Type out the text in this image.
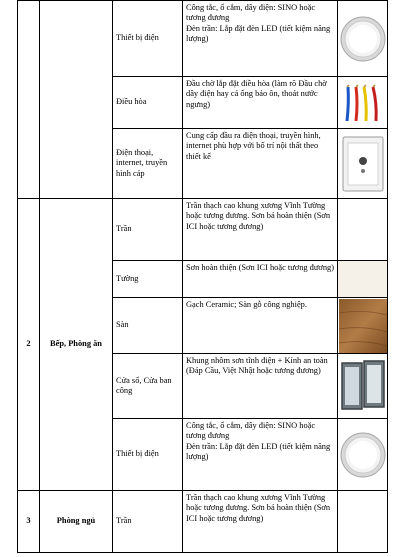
		Thiết bị điện	Công tắc, ổ cắm, dây điện: SINO hoặc tương đương
Đèn trần: Lắp đặt đèn LED (tiết kiệm năng lượng)

		Điều hòa	Đầu chờ lắp đặt điều hòa (làm rõ Đầu chờ dây điện hay cả ống bảo ôn, thoát nước ngưng)

		Điện thoại, internet, truyền hình cáp	Cung cấp đầu ra điện thoại, truyền hình, internet phù hợp với bố trí nội thất theo thiết kế

2	Bếp, Phòng ăn	Trần	Trần thạch cao khung xương Vĩnh Tường hoặc tương đương. Sơn bả hoàn thiện (Sơn ICI hoặc tương đương)	

		Tường	Sơn hoàn thiện (Sơn ICI hoặc tương đương)	

		Sàn	Gạch Ceramic; Sàn gỗ công nghiệp.

		Cửa sổ, Cửa ban công	Khung nhôm sơn tĩnh điện + Kính an toàn (Đáp Cầu, Việt Nhật hoặc tương đương)

		Thiết bị điện	Công tắc, ổ cắm, dây điện: SINO hoặc tương đương
Đèn trần: Lắp đặt đèn LED (tiết kiệm năng lượng)

3	Phòng ngủ	Trần	Trần thạch cao khung xương Vĩnh Tường hoặc tương đương. Sơn bả hoàn thiện (Sơn ICI hoặc tương đương)	
